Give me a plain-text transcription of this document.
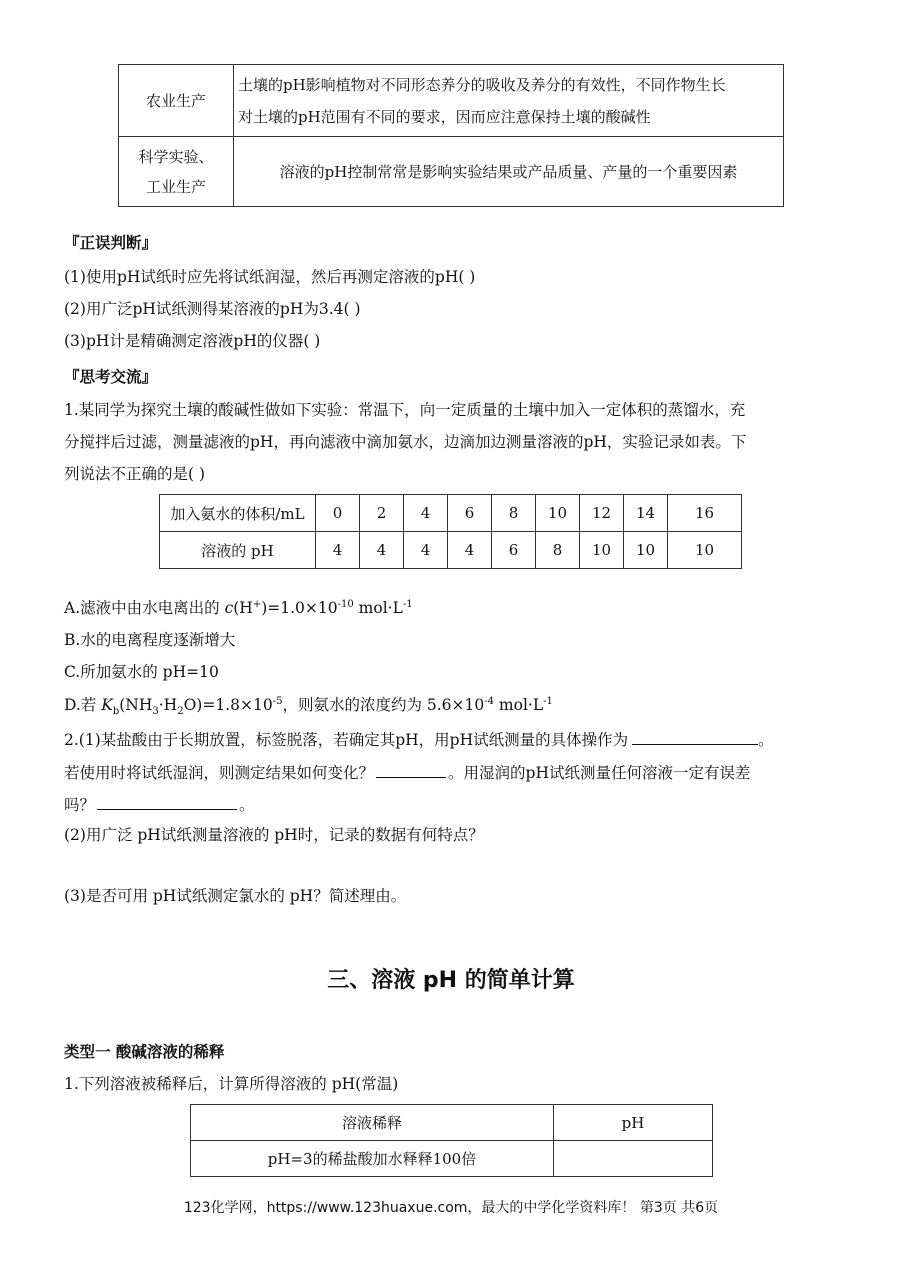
农业生产	土壤的pH影响植物对不同形态养分的吸收及养分的有效性，不同作物生长
对土壤的pH范围有不同的要求，因而应注意保持土壤的酸碱性

科学实验、
工业生产	溶液的pH控制常常是影响实验结果或产品质量、产量的一个重要因素
『正误判断』
(1)使用pH试纸时应先将试纸润湿，然后再测定溶液的pH( )
(2)用广泛pH试纸测得某溶液的pH为3.4( )
(3)pH计是精确测定溶液pH的仪器( )
『思考交流』
1.某同学为探究土壤的酸碱性做如下实验：常温下，向一定质量的土壤中加入一定体积的蒸馏水，充
分搅拌后过滤，测量滤液的pH，再向滤液中滴加氨水，边滴加边测量溶液的pH，实验记录如表。下
列说法不正确的是( )
加入氨水的体积/mL	0	2	4	6	8	10	12	14	16
溶液的 pH	4	4	4	4	6	8	10	10	10
A.滤液中由水电离出的 $c(H^+)=1.0\times 10^{-10}$ $mol\cdot L^{-1}$
B.水的电离程度逐渐增大
C.所加氨水的 pH=10
D.若 $K_b(NH_3\cdot H_2O)=1.8\times 10^{-5}$，则氨水的浓度约为 $5.6\times 10^{-4}$ $mol\cdot L^{-1}$
2.(1)某盐酸由于长期放置，标签脱落，若确定其pH，用pH试纸测量的具体操作为	。
若使用时将试纸湿润，则测定结果如何变化？	。用湿润的pH试纸测量任何溶液一定有误差
吗？	。
(2)用广泛 pH试纸测量溶液的 pH时，记录的数据有何特点？
(3)是否可用 pH试纸测定氯水的 pH？简述理由。
三、溶液 pH 的简单计算
类型一 酸碱溶液的稀释
1.下列溶液被稀释后，计算所得溶液的 pH(常温)
溶液稀释	pH
pH=3的稀盐酸加水释释100倍	
123化学网，https://www.123huaxue.com，最大的中学化学资料库！ 第3页 共6页
